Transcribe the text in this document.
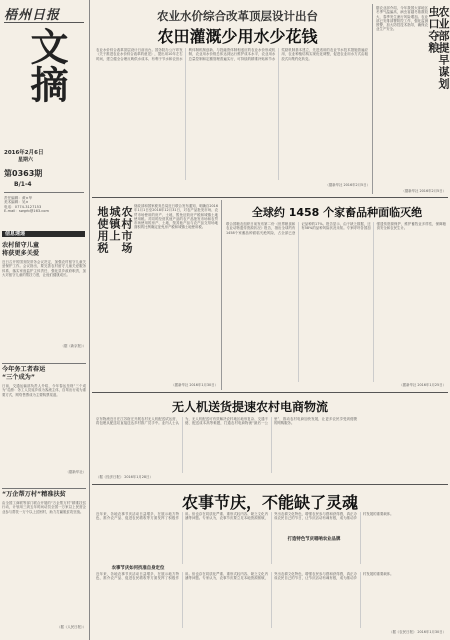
梧州日报
文摘
2016年2月6日
星期六
第0363期
B/1-4
责任编辑：黄×华
美术编辑：吴×
电话：0774-3127153
E-mail：swgrb@163.com
信息速递
农村留守儿童
将获更多关爱
近日召开的国务院常务会议决定，加强农村留守儿童关爱保护工作。会议指出，要完善农村留守儿童关爱服务体系，落实家庭监护主体责任，强化县乡政府职责，加大对留守儿童的帮扶力度，让他们健康成长。
（据《新京报》）
今年务工者春运
“三个成为”
日前，交通运输部负责人介绍，今年春运呈现“三个成为”趋势：务工人员返乡成为客流主体，自驾出行成为重要方式，网络售票成为主要购票渠道。
（据新华社）
“万企帮万村”精准扶贫
由全国工商联等部门联合开展的“万企帮万村”精准扶贫行动，计划用三到五年时间动员全国一万家以上民营企业参与帮扶一万个以上贫困村，助力打赢脱贫攻坚战。
（据《人民日报》）
农业水价综合改革顶层设计出台
农田灌溉少用水少花钱
农业水价综合改革顶层设计日前出台。国务院办公厅印发《关于推进农业水价综合改革的意见》，提出用10年左右时间，建立健全合理反映供水成本、有利于节水和农田水利体制机制创新、与投融资体制相适应的农业水价形成机制，农业用水价格总体达到运行维护成本水平，农业用水总量控制和定额管理普遍实行，可持续的精准补贴和节水奖励机制基本建立，先进适用的农业节水技术措施普遍应用，农业种植结构实现优化调整，促进农业用水方式由粗放式向集约化转变。
（据新华社 2016年2月5日）
据农业部介绍，今年我国大部地区冬季气温偏高，病虫害越冬基数较大，春季发生流行风险增加。农业部已安排部署防控工作，强化监测预警，加大防控技术指导，确保农业生产安全。	农业部提早谋划
虫口夺粮
（据新华社 2016年2月5日）
农村市场
城镇上
地使用税	财政部和国家税务总局近日联合发布通知，明确自2016年1月1日至2018年12月31日，对农产品批发市场、农贸市场使用的房产、土地，暂免征收房产税和城镇土地使用税。对同时经营其他产品的农产品批发市场和农贸市场使用的房产、土地，按其他产品与农产品交易场地面积的比例确定征免房产税和城镇土地使用税。
（据新华社 2016年1月30日）
全球约 1458 个家畜品种面临灭绝
联合国粮农组织日前发布第二份《世界粮食和农业动物遗传资源状况》报告，指出全球约有1458个家畜品种面临灭绝风险，占全部已登记品种的17%。报告显示，由于缺乏数据，还有58%的品种风险状况未知。专家呼吁各国加强遗传资源保护，维护畜牧业多样性，保障粮食安全和农民生计。
（据新华社 2016年1月25日）
无人机送货提速农村电商物流
京东物流近日在江苏宿迁开展农村无人机配送试运营，将包裹从配送站直接送达乡村推广员手中。业内人士认为，无人机配送可有效解决农村地区地形复杂、交通不便、配送成本高等难题，打通农村电商物流“最后一公里”，推动农村电商加快发展，让更多农民享受到便捷的网购服务。
（据《经济日报》 2016年1月28日）
农事节庆，不能缺了灵魂
农事节庆如何找准自身定位
打造特色节庆唱响农业品牌
近年来，各地农事节庆活动日益增多，在展示地方特色、推介农产品、促进农民增收等方面发挥了积极作用。但也存在同质化严重、重形式轻内容、缺乏文化内涵等问题。专家认为，农事节庆要立足本地资源禀赋，突出农耕文化特色，增强农民参与感和获得感，真正办成农民自己的节日，让节庆活动有魂有根，成为推动乡村发展的重要载体。
近年来，各地农事节庆活动日益增多，在展示地方特色、推介农产品、促进农民增收等方面发挥了积极作用。但也存在同质化严重、重形式轻内容、缺乏文化内涵等问题。专家认为，农事节庆要立足本地资源禀赋，突出农耕文化特色，增强农民参与感和获得感，真正办成农民自己的节日，让节庆活动有魂有根，成为推动乡村发展的重要载体。
（据《农民日报》 2016年1月30日）
